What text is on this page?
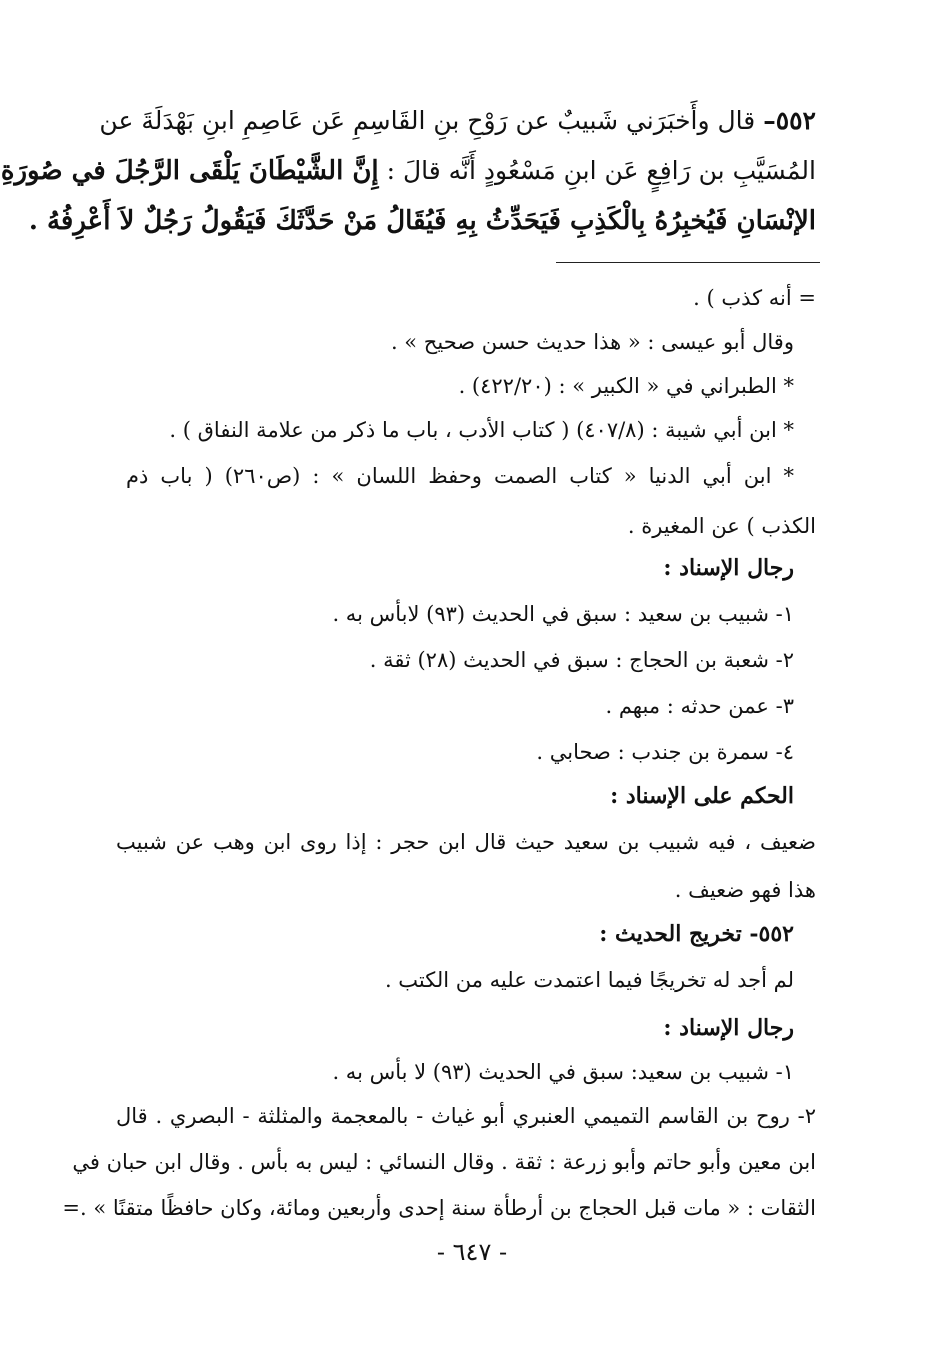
٥٥٢– قال وأَخبَرَني شَبيبٌ عن رَوْحِ بنِ القَاسِمِ عَن عَاصِمِ ابنِ بَهْدَلَةَ عن
المُسَيَّبِ بن رَافِعٍ عَن ابنِ مَسْعُودٍ أَنَّه قالَ : إِنَّ الشَّيْطَانَ يَلْقَى الرَّجُلَ في صُورَةِ
الإنْسَانِ فَيُخبِرُهُ بِالْكَذِبِ فَيَحَدِّثُ بِهِ فَيُقَالُ مَنْ حَدَّثَكَ فَيَقُولُ رَجُلٌ لاَ أَعْرِفُهُ .
= أنه كذب ) .
وقال أبو عيسى : « هذا حديث حسن صحيح » .
* الطبراني في « الكبير » : (٤٢٢/٢٠) .
* ابن أبي شيبة : (٤٠٧/٨) ( كتاب الأدب ، باب ما ذكر من علامة النفاق ) .
* ابن أبي الدنيا « كتاب الصمت وحفظ اللسان » : (ص٢٦٠) ( باب ذم
الكذب ) عن المغيرة .
رجال الإسناد :
١- شبيب بن سعيد : سبق في الحديث (٩٣) لابأس به .
٢- شعبة بن الحجاج : سبق في الحديث (٢٨) ثقة .
٣- عمن حدثه : مبهم .
٤- سمرة بن جندب : صحابي .
الحكم على الإسناد :
ضعيف ، فيه شبيب بن سعيد حيث قال ابن حجر : إذا روى ابن وهب عن شبيب
هذا فهو ضعيف .
٥٥٢- تخريج الحديث :
لم أجد له تخريجًا فيما اعتمدت عليه من الكتب .
رجال الإسناد :
١- شبيب بن سعيد: سبق في الحديث (٩٣) لا بأس به .
٢- روح بن القاسم التميمي العنبري أبو غياث - بالمعجمة والمثلثة - البصري . قال
ابن معين وأبو حاتم وأبو زرعة : ثقة . وقال النسائي : ليس به بأس . وقال ابن حبان في
الثقات : « مات قبل الحجاج بن أرطأة سنة إحدى وأربعين ومائة، وكان حافظًا متقنًا » .=
- ٦٤٧ -
